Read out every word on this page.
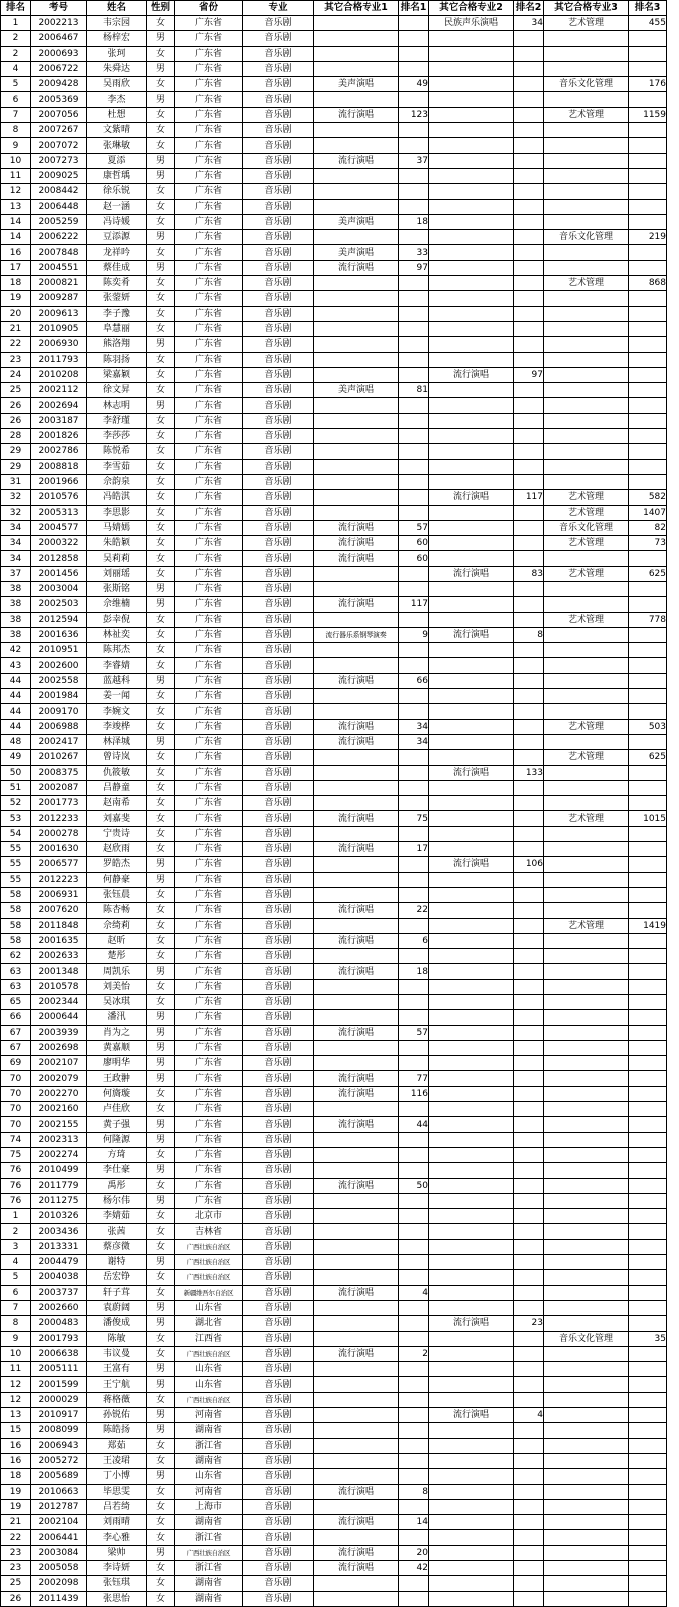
排名	考号	姓名	性别	省份	专业	其它合格专业1	排名1	其它合格专业2	排名2	其它合格专业3	排名3
1	2002213	韦宗园	女	广东省	音乐剧			民族声乐演唱	34	艺术管理	455
2	2006467	杨梓宏	男	广东省	音乐剧						
2	2000693	张珂	女	广东省	音乐剧						
4	2006722	朱舜达	男	广东省	音乐剧						
5	2009428	吴雨欣	女	广东省	音乐剧	美声演唱	49			音乐文化管理	176
6	2005369	李杰	男	广东省	音乐剧						
7	2007056	杜想	女	广东省	音乐剧	流行演唱	123			艺术管理	1159
8	2007267	文紫晴	女	广东省	音乐剧						
9	2007072	张琳敏	女	广东省	音乐剧						
10	2007273	夏添	男	广东省	音乐剧	流行演唱	37				
11	2009025	康哲瑀	男	广东省	音乐剧						
12	2008442	徐乐锐	女	广东省	音乐剧						
13	2006448	赵一涵	女	广东省	音乐剧						
14	2005259	冯诗媛	女	广东省	音乐剧	美声演唱	18				
14	2006222	豆添源	男	广东省	音乐剧					音乐文化管理	219
16	2007848	龙祥吟	女	广东省	音乐剧	美声演唱	33				
17	2004551	蔡佳成	男	广东省	音乐剧	流行演唱	97				
18	2000821	陈奕肴	女	广东省	音乐剧					艺术管理	868
19	2009287	张蓥妍	女	广东省	音乐剧						
20	2009613	李子豫	女	广东省	音乐剧						
21	2010905	阜慧丽	女	广东省	音乐剧						
22	2006930	熊洛翔	男	广东省	音乐剧						
23	2011793	陈羽扬	女	广东省	音乐剧						
24	2010208	梁嘉颖	女	广东省	音乐剧			流行演唱	97		
25	2002112	徐文昇	女	广东省	音乐剧	美声演唱	81				
26	2002694	林志明	男	广东省	音乐剧						
26	2003187	李舒瑾	女	广东省	音乐剧						
28	2001826	李莎莎	女	广东省	音乐剧						
29	2002786	陈悦希	女	广东省	音乐剧						
29	2008818	李雪茹	女	广东省	音乐剧						
31	2001966	佘韵泉	女	广东省	音乐剧						
32	2010576	冯皓淇	女	广东省	音乐剧			流行演唱	117	艺术管理	582
32	2005313	李思影	女	广东省	音乐剧					艺术管理	1407
34	2004577	马婧嫣	女	广东省	音乐剧	流行演唱	57			音乐文化管理	82
34	2000322	朱皓颖	女	广东省	音乐剧	流行演唱	60			艺术管理	73
34	2012858	吴莉莉	女	广东省	音乐剧	流行演唱	60				
37	2001456	刘丽瑶	女	广东省	音乐剧			流行演唱	83	艺术管理	625
38	2003004	张斯铭	男	广东省	音乐剧						
38	2002503	佘维楠	男	广东省	音乐剧	流行演唱	117				
38	2012594	彭幸倪	女	广东省	音乐剧					艺术管理	778
38	2001636	林祉奕	女	广东省	音乐剧	流行器乐系钢琴演奏	9	流行演唱	8		
42	2010951	陈邦杰	女	广东省	音乐剧						
43	2002600	李睿婧	女	广东省	音乐剧						
44	2002558	蓝越科	男	广东省	音乐剧	流行演唱	66				
44	2001984	姜一闻	女	广东省	音乐剧						
44	2009170	李婉文	女	广东省	音乐剧						
44	2006988	李竣桦	女	广东省	音乐剧	流行演唱	34			艺术管理	503
48	2002417	林泽城	男	广东省	音乐剧	流行演唱	34				
49	2010267	曾诗岚	女	广东省	音乐剧					艺术管理	625
50	2008375	仇筱敏	女	广东省	音乐剧			流行演唱	133		
51	2002087	吕静童	女	广东省	音乐剧						
52	2001773	赵南希	女	广东省	音乐剧						
53	2012233	刘嘉斐	女	广东省	音乐剧	流行演唱	75			艺术管理	1015
54	2000278	宁贵诗	女	广东省	音乐剧						
55	2001630	赵欣雨	女	广东省	音乐剧	流行演唱	17				
55	2006577	罗皓杰	男	广东省	音乐剧			流行演唱	106		
55	2012223	何静豪	男	广东省	音乐剧						
58	2006931	张钰晨	女	广东省	音乐剧						
58	2007620	陈杏畅	女	广东省	音乐剧	流行演唱	22				
58	2011848	佘绮莉	女	广东省	音乐剧					艺术管理	1419
58	2001635	赵昕	女	广东省	音乐剧	流行演唱	6				
62	2002633	楚彤	女	广东省	音乐剧						
63	2001348	周凯乐	男	广东省	音乐剧	流行演唱	18				
63	2010578	刘美怡	女	广东省	音乐剧						
65	2002344	吴冰琪	女	广东省	音乐剧						
66	2000644	潘汛	男	广东省	音乐剧						
67	2003939	肖为之	男	广东省	音乐剧	流行演唱	57				
67	2002698	黄嘉顺	男	广东省	音乐剧						
69	2002107	廖明华	男	广东省	音乐剧						
70	2002079	王政翀	男	广东省	音乐剧	流行演唱	77				
70	2002270	何旖璇	女	广东省	音乐剧	流行演唱	116				
70	2002160	卢佳欣	女	广东省	音乐剧						
70	2002155	黄子强	男	广东省	音乐剧	流行演唱	44				
74	2002313	何隆源	男	广东省	音乐剧						
75	2002274	方琦	女	广东省	音乐剧						
76	2010499	李仕豪	男	广东省	音乐剧						
76	2011779	禹彤	女	广东省	音乐剧	流行演唱	50				
76	2011275	杨尔伟	男	广东省	音乐剧						
1	2010326	李婧茹	女	北京市	音乐剧						
2	2003436	张茜	女	吉林省	音乐剧						
3	2013331	蔡彦微	女	广西壮族自治区	音乐剧						
4	2004479	谢特	男	广西壮族自治区	音乐剧						
5	2004038	岳宏铮	女	广西壮族自治区	音乐剧						
6	2003737	轩子茸	女	新疆维吾尔自治区	音乐剧	流行演唱	4				
7	2002660	袁蔚阔	男	山东省	音乐剧						
8	2000483	潘俊成	男	湖北省	音乐剧			流行演唱	23		
9	2001793	陈敏	女	江西省	音乐剧					音乐文化管理	35
10	2006638	韦议曼	女	广西壮族自治区	音乐剧	流行演唱	2				
11	2005111	王富有	男	山东省	音乐剧						
12	2001599	王宁航	男	山东省	音乐剧						
12	2000029	蒋格薇	女	广西壮族自治区	音乐剧						
13	2010917	孙锐佑	男	河南省	音乐剧			流行演唱	4		
15	2008099	陈皓扬	男	湖南省	音乐剧						
16	2006943	郑茹	女	浙江省	音乐剧						
16	2005272	王凌珺	女	湖南省	音乐剧						
18	2005689	丁小博	男	山东省	音乐剧						
19	2010663	毕思雯	女	河南省	音乐剧	流行演唱	8				
19	2012787	吕若绮	女	上海市	音乐剧						
21	2002104	刘雨晴	女	湖南省	音乐剧	流行演唱	14				
22	2006441	李心雅	女	浙江省	音乐剧						
23	2003084	梁帅	男	广西壮族自治区	音乐剧	流行演唱	20				
23	2005058	李诗妍	女	浙江省	音乐剧	流行演唱	42				
25	2002098	张钰琪	女	湖南省	音乐剧						
26	2011439	张思怡	女	湖南省	音乐剧						
